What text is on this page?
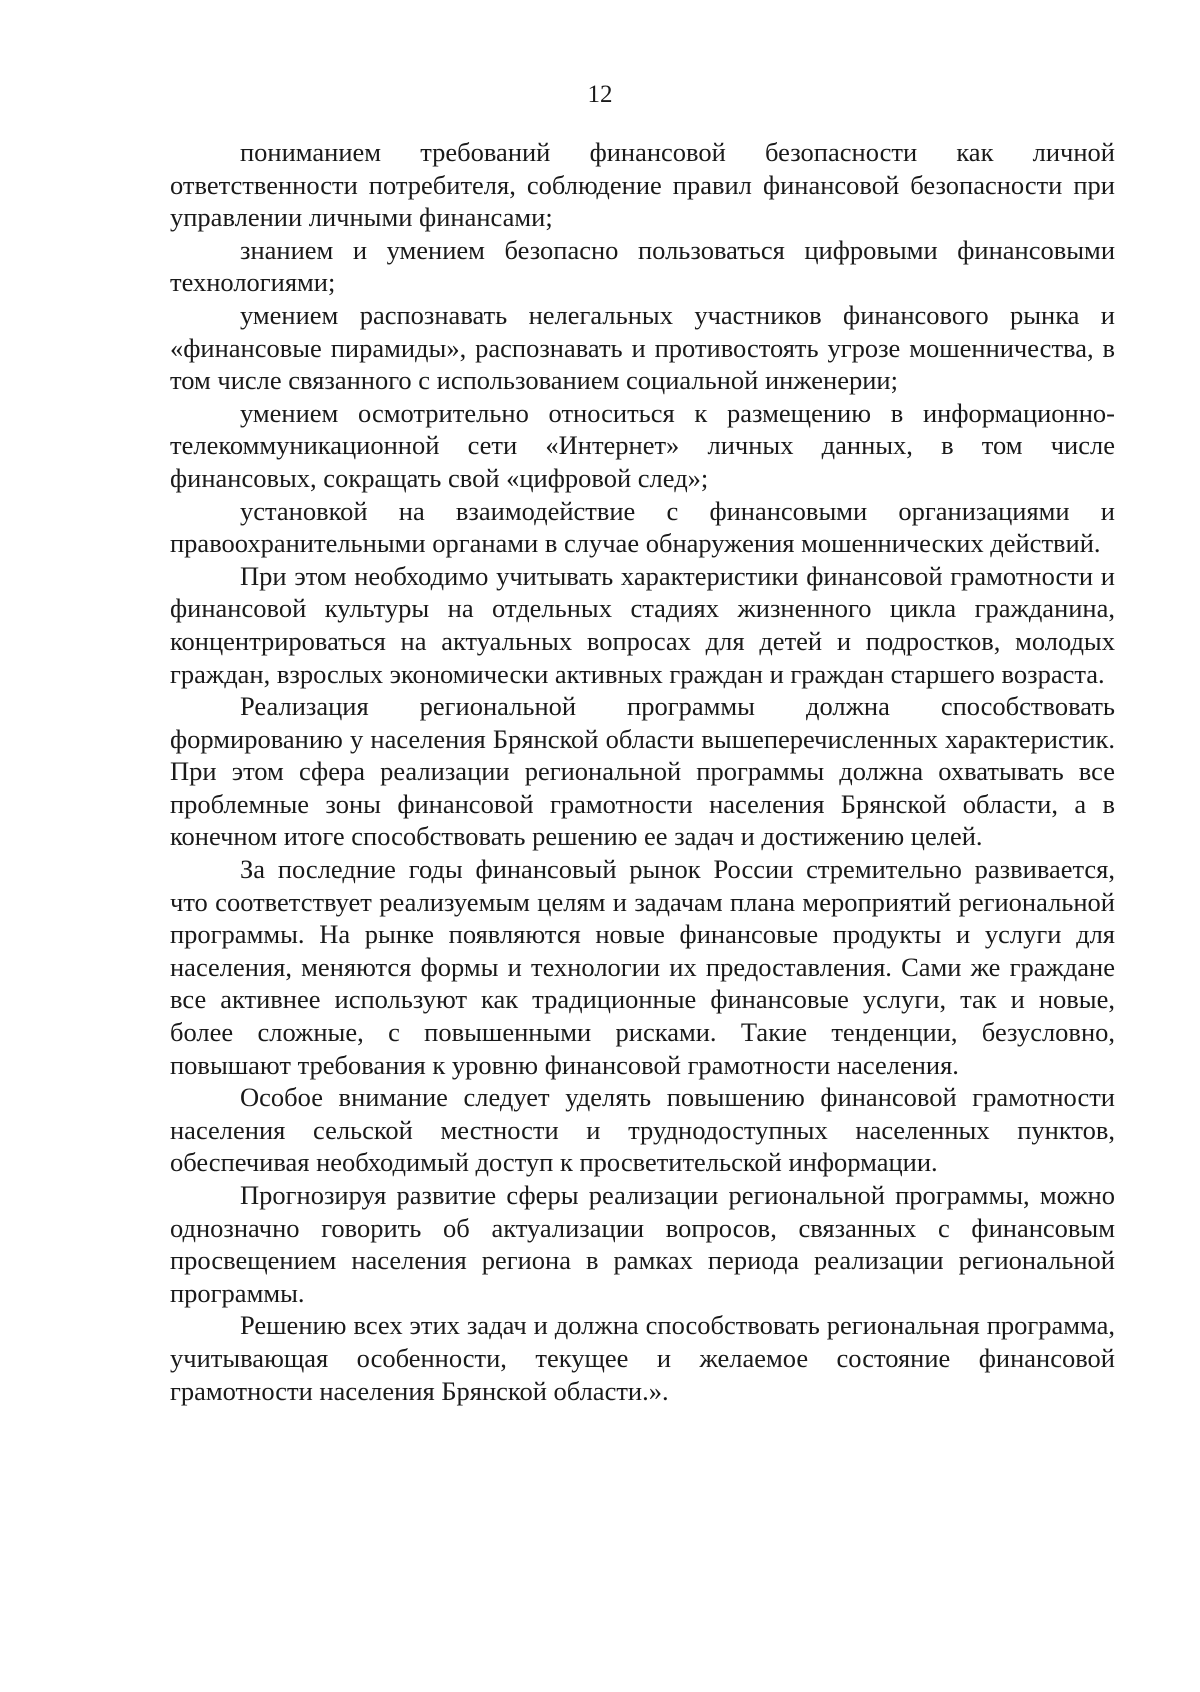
12

пониманием требований финансовой безопасности как личной ответственности потребителя, соблюдение правил финансовой безопасности при управлении личными финансами;

знанием и умением безопасно пользоваться цифровыми финансовыми технологиями;

умением распознавать нелегальных участников финансового рынка и «финансовые пирамиды», распознавать и противостоять угрозе мошенничества, в том числе связанного с использованием социальной инженерии;

умением осмотрительно относиться к размещению в информационно-телекоммуникационной сети «Интернет» личных данных, в том числе финансовых, сокращать свой «цифровой след»;

установкой на взаимодействие с финансовыми организациями и правоохранительными органами в случае обнаружения мошеннических действий.

При этом необходимо учитывать характеристики финансовой грамотности и финансовой культуры на отдельных стадиях жизненного цикла гражданина, концентрироваться на актуальных вопросах для детей и подростков, молодых граждан, взрослых экономически активных граждан и граждан старшего возраста.

Реализация региональной программы должна способствовать формированию у населения Брянской области вышеперечисленных характеристик. При этом сфера реализации региональной программы должна охватывать все проблемные зоны финансовой грамотности населения Брянской области, а в конечном итоге способствовать решению ее задач и достижению целей.

За последние годы финансовый рынок России стремительно развивается, что соответствует реализуемым целям и задачам плана мероприятий региональной программы. На рынке появляются новые финансовые продукты и услуги для населения, меняются формы и технологии их предоставления. Сами же граждане все активнее используют как традиционные финансовые услуги, так и новые, более сложные, с повышенными рисками. Такие тенденции, безусловно, повышают требования к уровню финансовой грамотности населения.

Особое внимание следует уделять повышению финансовой грамотности населения сельской местности и труднодоступных населенных пунктов, обеспечивая необходимый доступ к просветительской информации.

Прогнозируя развитие сферы реализации региональной программы, можно однозначно говорить об актуализации вопросов, связанных с финансовым просвещением населения региона в рамках периода реализации региональной программы.

Решению всех этих задач и должна способствовать региональная программа, учитывающая особенности, текущее и желаемое состояние финансовой грамотности населения Брянской области.».
